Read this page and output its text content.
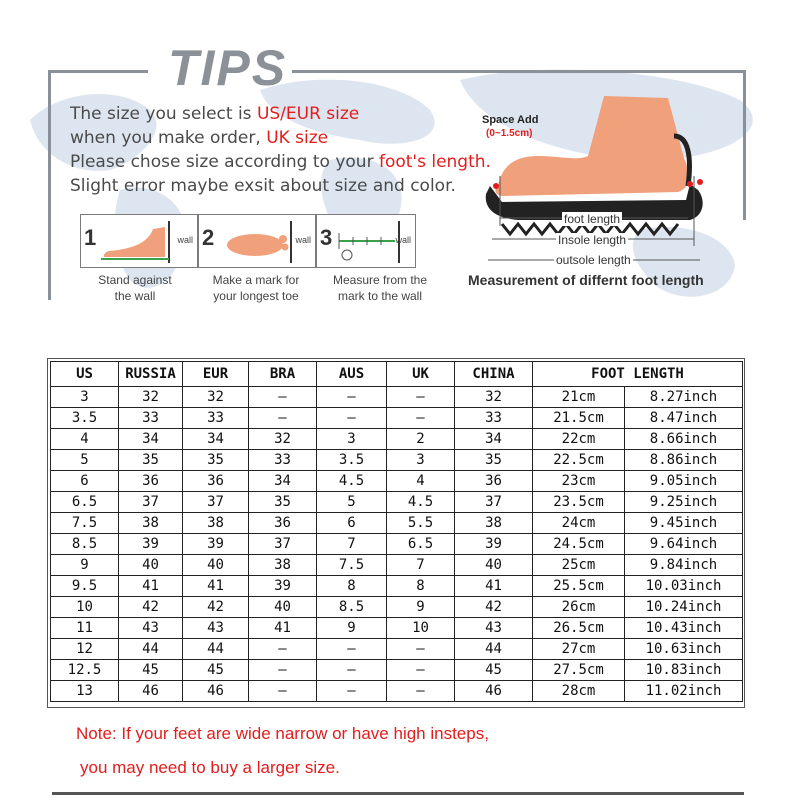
TIPS
The size you select is US/EUR size
when you make order, UK size
Please chose size according to your foot's length.
Slight error maybe exsit about size and color.
1	wall 2	wall 3	wall
Stand against
the wall
Make a mark for
your longest toe
Measure from the
mark to the wall
Space Add
(0~1.5cm)
foot length
Insole length
outsole length
Measurement of differnt foot length
US	RUSSIA	EUR	BRA	AUS	UK	CHINA	FOOT LENGTH	
3	32	32	–	–	–	32	21cm	8.27inch
3.5	33	33	–	–	–	33	21.5cm	8.47inch
4	34	34	32	3	2	34	22cm	8.66inch
5	35	35	33	3.5	3	35	22.5cm	8.86inch
6	36	36	34	4.5	4	36	23cm	9.05inch
6.5	37	37	35	5	4.5	37	23.5cm	9.25inch
7.5	38	38	36	6	5.5	38	24cm	9.45inch
8.5	39	39	37	7	6.5	39	24.5cm	9.64inch
9	40	40	38	7.5	7	40	25cm	9.84inch
9.5	41	41	39	8	8	41	25.5cm	10.03inch
10	42	42	40	8.5	9	42	26cm	10.24inch
11	43	43	41	9	10	43	26.5cm	10.43inch
12	44	44	–	–	–	44	27cm	10.63inch
12.5	45	45	–	–	–	45	27.5cm	10.83inch
13	46	46	–	–	–	46	28cm	11.02inch
Note: If your feet are wide narrow or have high insteps,
you may need to buy a larger size.
